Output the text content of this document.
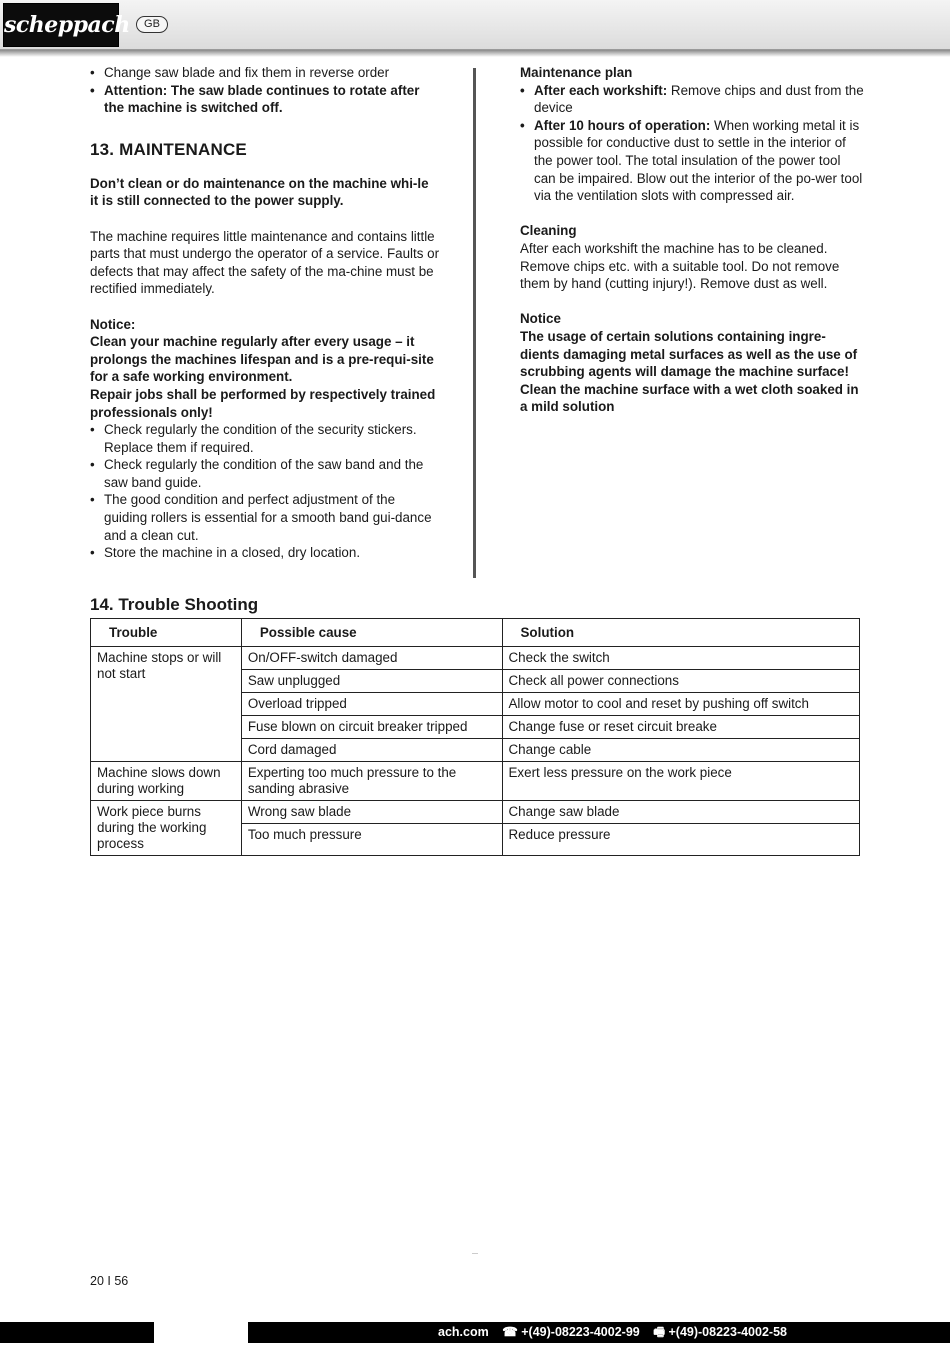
scheppach	GB
• Change saw blade and fix them in reverse order
• Attention: The saw blade continues to rotate after the machine is switched off.
13. MAINTENANCE

Don’t clean or do maintenance on the machine whi-le it is still connected to the power supply.

The machine requires little maintenance and contains little parts that must undergo the operator of a service. Faults or defects that may affect the safety of the ma-chine must be rectified immediately.

Notice:

Clean your machine regularly after every usage – it prolongs the machines lifespan and is a pre-requi-site for a safe working environment.

Repair jobs shall be performed by respectively trained professionals only!

• Check regularly the condition of the security stickers. Replace them if required.
• Check regularly the condition of the saw band and the saw band guide.
• The good condition and perfect adjustment of the guiding rollers is essential for a smooth band gui-dance and a clean cut.
• Store the machine in a closed, dry location.

Maintenance plan

• After each workshift: Remove chips and dust from the device
• After 10 hours of operation: When working metal it is possible for conductive dust to settle in the interior of the power tool. The total insulation of the power tool can be impaired. Blow out the interior of the po-wer tool via the ventilation slots with compressed air.

Cleaning

After each workshift the machine has to be cleaned. Remove chips etc. with a suitable tool. Do not remove them by hand (cutting injury!). Remove dust as well.

Notice

The usage of certain solutions containing ingre-dients damaging metal surfaces as well as the use of scrubbing agents will damage the machine surface!

Clean the machine surface with a wet cloth soaked in a mild solution

14. Trouble Shooting
Trouble	Possible cause	Solution
Machine stops or will not start	On/OFF-switch damaged	Check the switch
	Saw unplugged	Check all power connections
	Overload tripped	Allow motor to cool and reset by pushing off switch
	Fuse blown on circuit breaker tripped	Change fuse or reset circuit breake
	Cord damaged	Change cable
Machine slows down during working	Experting too much pressure to the sanding abrasive	Exert less pressure on the work piece
Work piece burns during the working process	Wrong saw blade	Change saw blade
	Too much pressure	Reduce pressure
20 I 56
ach.com ☎ +(49)-08223-4002-99 🖷 +(49)-08223-4002-58
